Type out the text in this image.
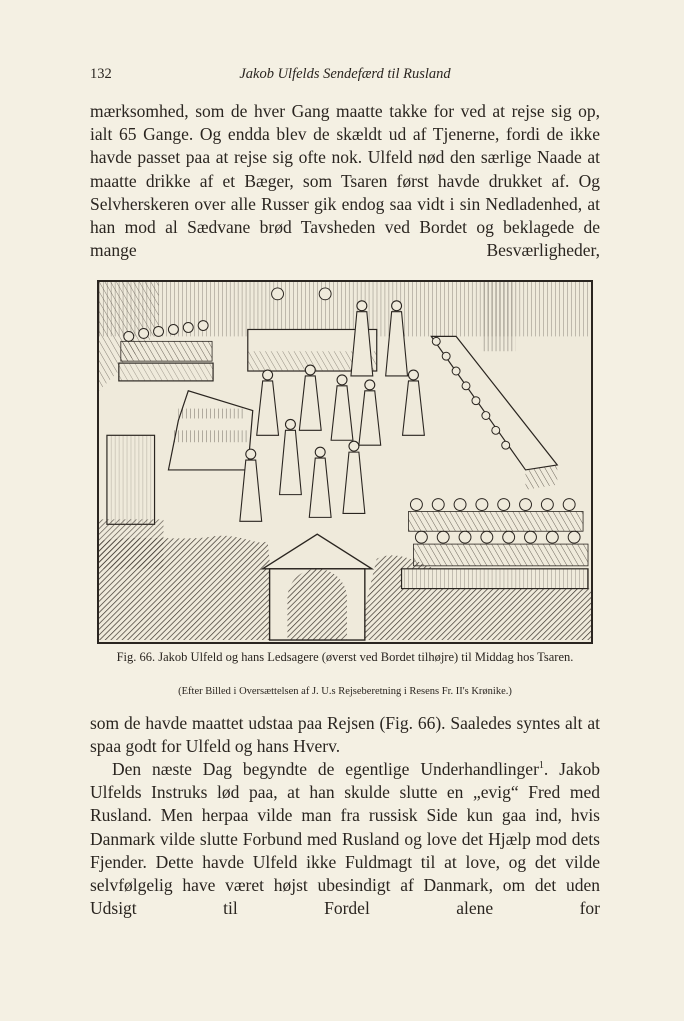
132	Jakob Ulfelds Sendefærd til Rusland

mærksomhed, som de hver Gang maatte takke for ved at rejse sig op, ialt 65 Gange. Og endda blev de skældt ud af Tjenerne, fordi de ikke havde passet paa at rejse sig ofte nok. Ulfeld nød den særlige Naade at maatte drikke af et Bæger, som Tsaren først havde drukket af. Og Selvherskeren over alle Russer gik endog saa vidt i sin Nedladenhed, at han mod al Sædvane brød Tavsheden ved Bordet og beklagede de mange Besværligheder,

Fig. 66. Jakob Ulfeld og hans Ledsagere (øverst ved Bordet tilhøjre) til Middag hos Tsaren.
(Efter Billed i Oversættelsen af J. U.s Rejseberetning i Resens Fr. II's Krønike.)

som de havde maattet udstaa paa Rejsen (Fig. 66). Saaledes syntes alt at spaa godt for Ulfeld og hans Hverv.

Den næste Dag begyndte de egentlige Underhandlinger$^1$. Jakob Ulfelds Instruks lød paa, at han skulde slutte en „evig“ Fred med Rusland. Men herpaa vilde man fra russisk Side kun gaa ind, hvis Danmark vilde slutte Forbund med Rusland og love det Hjælp mod dets Fjender. Dette havde Ulfeld ikke Fuldmagt til at love, og det vilde selvfølgelig have været højst ubesindigt af Danmark, om det uden Udsigt til Fordel alene for
